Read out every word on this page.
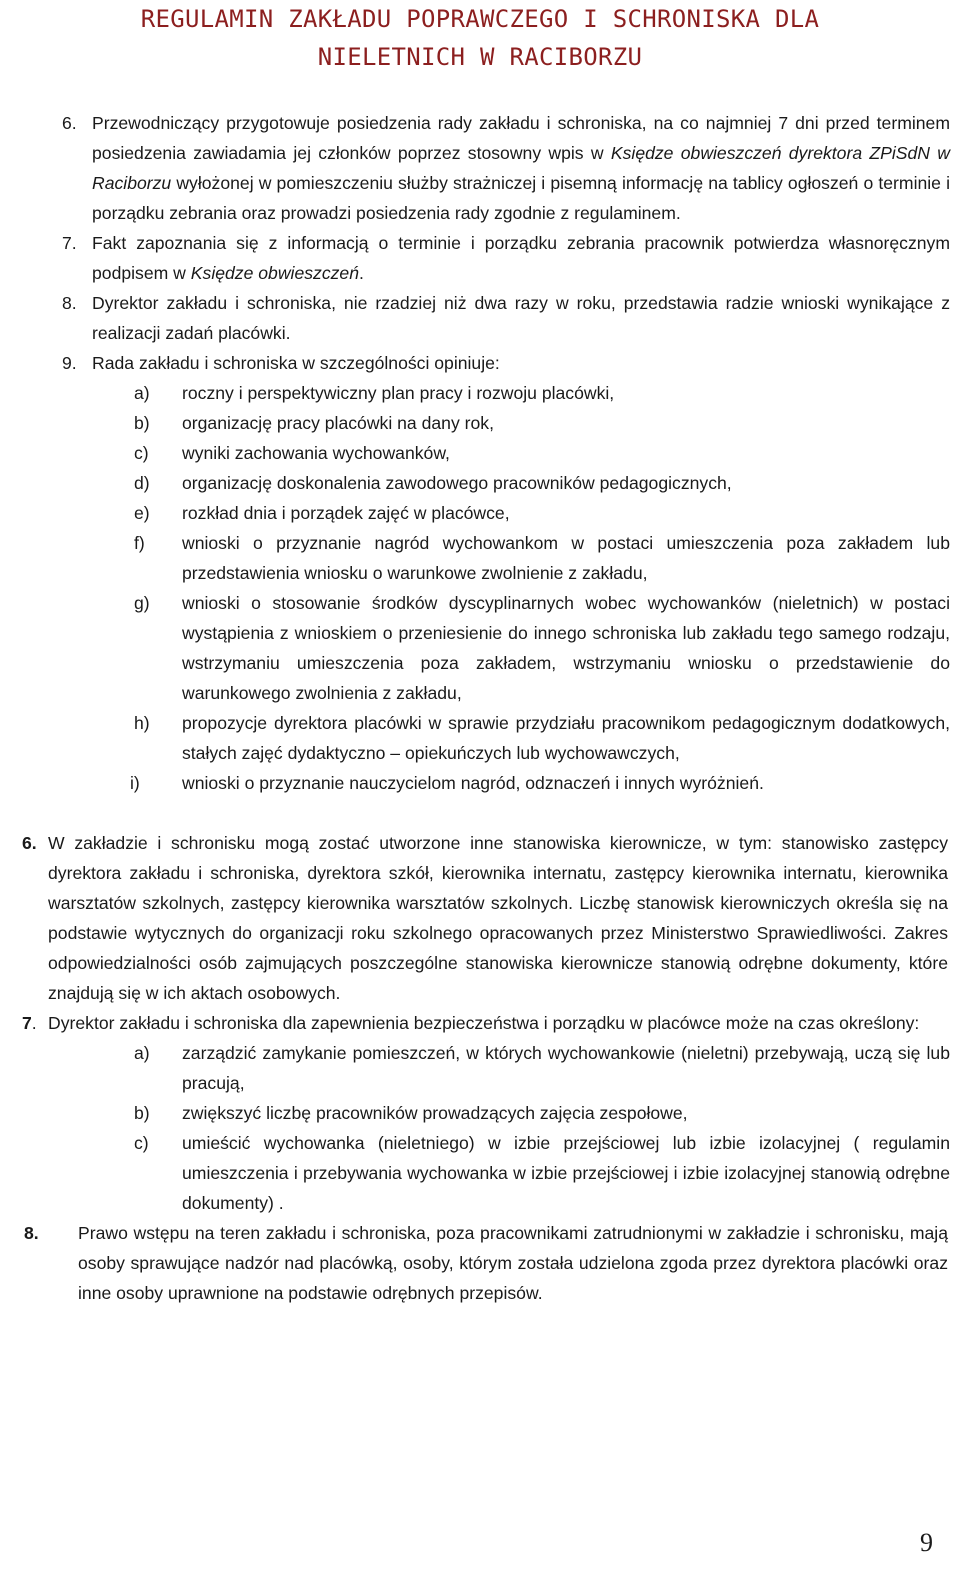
REGULAMIN ZAKŁADU POPRAWCZEGO I SCHRONISKA DLA
NIELETNICH W RACIBORZU
6. Przewodniczący przygotowuje posiedzenia rady zakładu i schroniska, na co najmniej 7 dni przed terminem posiedzenia zawiadamia jej członków poprzez stosowny wpis w Księdze obwieszczeń dyrektora ZPiSdN w Raciborzu wyłożonej w pomieszczeniu służby strażniczej i pisemną informację na tablicy ogłoszeń o terminie i porządku zebrania oraz prowadzi posiedzenia rady zgodnie z regulaminem.
7. Fakt zapoznania się z informacją o terminie i porządku zebrania pracownik potwierdza własnoręcznym podpisem w Księdze obwieszczeń.
8. Dyrektor zakładu i schroniska, nie rzadziej niż dwa razy w roku, przedstawia radzie wnioski wynikające z realizacji zadań placówki.
9. Rada zakładu i schroniska w szczególności opiniuje:
a) roczny i perspektywiczny plan pracy i rozwoju placówki,
b) organizację pracy placówki na dany rok,
c) wyniki zachowania wychowanków,
d) organizację doskonalenia zawodowego pracowników pedagogicznych,
e) rozkład dnia i porządek zajęć w placówce,
f) wnioski o przyznanie nagród wychowankom w postaci umieszczenia poza zakładem lub przedstawienia wniosku o warunkowe zwolnienie z zakładu,
g) wnioski o stosowanie środków dyscyplinarnych wobec wychowanków (nieletnich) w postaci wystąpienia z wnioskiem o przeniesienie do innego schroniska lub zakładu tego samego rodzaju, wstrzymaniu umieszczenia poza zakładem, wstrzymaniu wniosku o przedstawienie do warunkowego zwolnienia z zakładu,
h) propozycje dyrektora placówki w sprawie przydziału pracownikom pedagogicznym dodatkowych, stałych zajęć dydaktyczno – opiekuńczych lub wychowawczych,
i) wnioski o przyznanie nauczycielom nagród, odznaczeń i innych wyróżnień.
6. W zakładzie i schronisku mogą zostać utworzone inne stanowiska kierownicze, w tym: stanowisko zastępcy dyrektora zakładu i schroniska, dyrektora szkół, kierownika internatu, zastępcy kierownika internatu, kierownika warsztatów szkolnych, zastępcy kierownika warsztatów szkolnych. Liczbę stanowisk kierowniczych określa się na podstawie wytycznych do organizacji roku szkolnego opracowanych przez Ministerstwo Sprawiedliwości. Zakres odpowiedzialności osób zajmujących poszczególne stanowiska kierownicze stanowią odrębne dokumenty, które znajdują się w ich aktach osobowych.
7. Dyrektor zakładu i schroniska dla zapewnienia bezpieczeństwa i porządku w placówce może na czas określony:
a) zarządzić zamykanie pomieszczeń, w których wychowankowie (nieletni) przebywają, uczą się lub pracują,
b) zwiększyć liczbę pracowników prowadzących zajęcia zespołowe,
c) umieścić wychowanka (nieletniego) w izbie przejściowej lub izbie izolacyjnej ( regulamin umieszczenia i przebywania wychowanka w izbie przejściowej i izbie izolacyjnej stanowią odrębne dokumenty) .
8. Prawo wstępu na teren zakładu i schroniska, poza pracownikami zatrudnionymi w zakładzie i schronisku, mają osoby sprawujące nadzór nad placówką, osoby, którym została udzielona zgoda przez dyrektora placówki oraz inne osoby uprawnione na podstawie odrębnych przepisów.
9
